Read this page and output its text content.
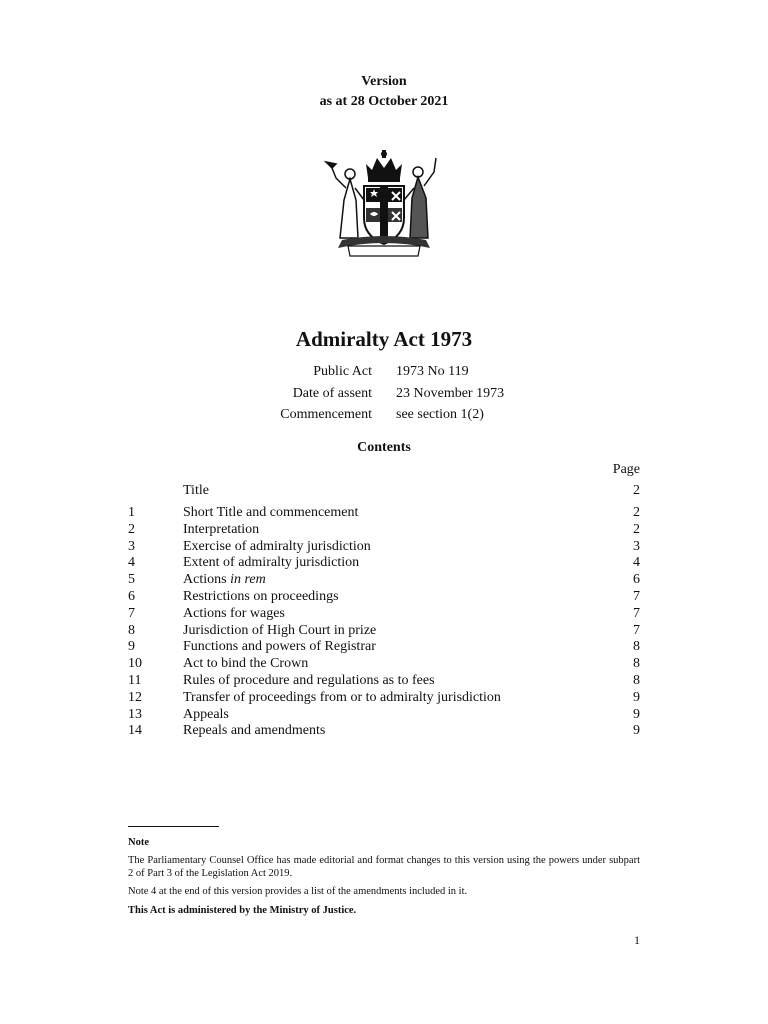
Version
as at 28 October 2021
Admiralty Act 1973
Public Act 1973 No 119
Date of assent 23 November 1973
Commencement see section 1(2)
Contents
Page
Title	2
1	Short Title and commencement	2
2	Interpretation	2
3	Exercise of admiralty jurisdiction	3
4	Extent of admiralty jurisdiction	4
5	Actions in rem	6
6	Restrictions on proceedings	7
7	Actions for wages	7
8	Jurisdiction of High Court in prize	7
9	Functions and powers of Registrar	8
10	Act to bind the Crown	8
11	Rules of procedure and regulations as to fees	8
12	Transfer of proceedings from or to admiralty jurisdiction	9
13	Appeals	9
14	Repeals and amendments	9

Note

The Parliamentary Counsel Office has made editorial and format changes to this version using the powers under subpart 2 of Part 3 of the Legislation Act 2019.

Note 4 at the end of this version provides a list of the amendments included in it.

This Act is administered by the Ministry of Justice.

1
